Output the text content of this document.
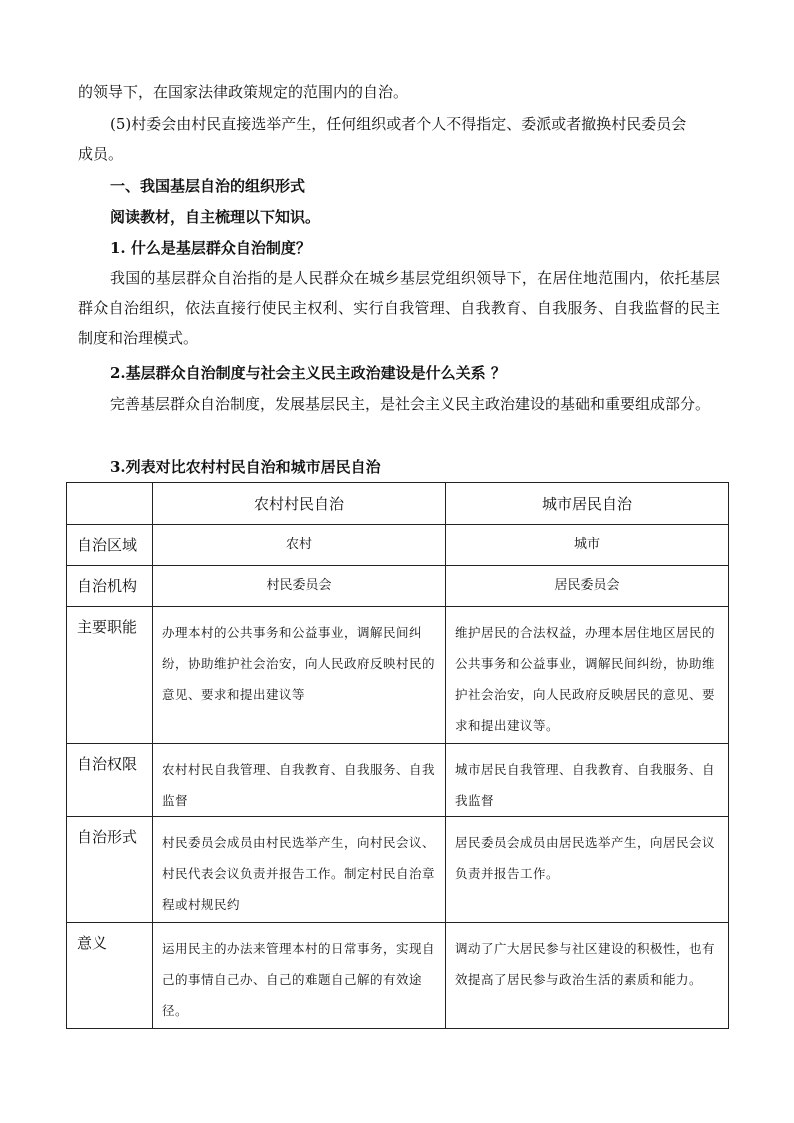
的领导下，在国家法律政策规定的范围内的自治。
(5)村委会由村民直接选举产生，任何组织或者个人不得指定、委派或者撤换村民委员会
成员。
一、我国基层自治的组织形式
阅读教材，自主梳理以下知识。
1. 什么是基层群众自治制度？
我国的基层群众自治指的是人民群众在城乡基层党组织领导下，在居住地范围内，依托基层群众自治组织，依法直接行使民主权利、实行自我管理、自我教育、自我服务、自我监督的民主制度和治理模式。
2.基层群众自治制度与社会主义民主政治建设是什么关系 ？
完善基层群众自治制度，发展基层民主，是社会主义民主政治建设的基础和重要组成部分。
3.列表对比农村村民自治和城市居民自治
	农村村民自治	城市居民自治
自治区域	农村	城市
自治机构	村民委员会	居民委员会
主要职能	办理本村的公共事务和公益事业，调解民间纠纷，协助维护社会治安，向人民政府反映村民的意见、要求和提出建议等	维护居民的合法权益，办理本居住地区居民的公共事务和公益事业，调解民间纠纷，协助维护社会治安，向人民政府反映居民的意见、要求和提出建议等。
自治权限	农村村民自我管理、自我教育、自我服务、自我监督	城市居民自我管理、自我教育、自我服务、自我监督
自治形式	村民委员会成员由村民选举产生，向村民会议、村民代表会议负责并报告工作。制定村民自治章程或村规民约	居民委员会成员由居民选举产生，向居民会议负责并报告工作。
意义	运用民主的办法来管理本村的日常事务，实现自己的事情自己办、自己的难题自己解的有效途径。	调动了广大居民参与社区建设的积极性，也有效提高了居民参与政治生活的素质和能力。
